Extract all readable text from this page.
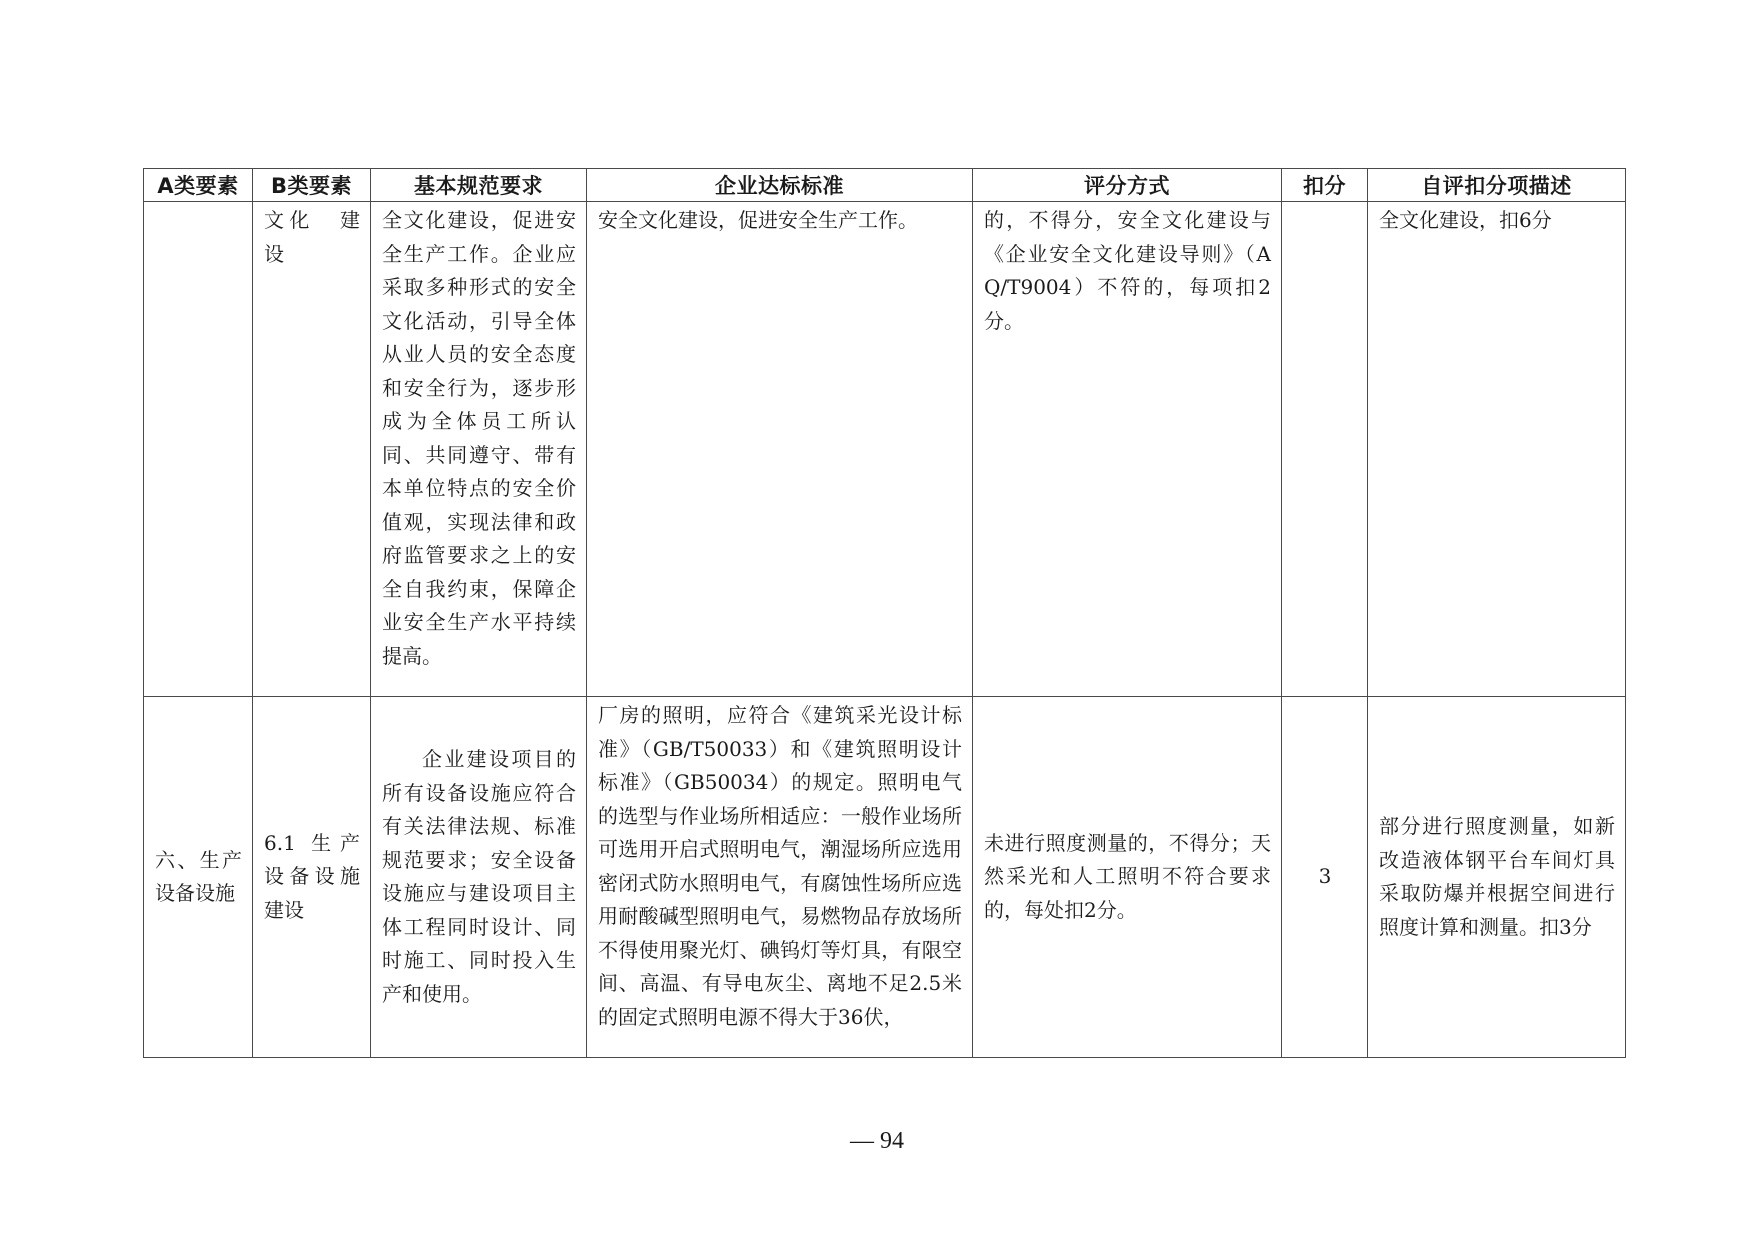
A类要素	B类要素	基本规范要求	企业达标标准	评分方式	扣分	自评扣分项描述
	文化　建设	全文化建设，促进安全生产工作。企业应采取多种形式的安全文化活动，引导全体从业人员的安全态度和安全行为，逐步形成为全体员工所认同、共同遵守、带有本单位特点的安全价值观，实现法律和政府监管要求之上的安全自我约束，保障企业安全生产水平持续提高。	安全文化建设，促进安全生产工作。	的，不得分，安全文化建设与《企业安全文化建设导则》（AQ/T9004）不符的，每项扣2分。		全文化建设，扣6分
六、生产设备设施	6.1 生产设备设施建设	企业建设项目的所有设备设施应符合有关法律法规、标准规范要求；安全设备设施应与建设项目主体工程同时设计、同时施工、同时投入生产和使用。	厂房的照明，应符合《建筑采光设计标准》（GB/T50033）和《建筑照明设计标准》（GB50034）的规定。照明电气的选型与作业场所相适应：一般作业场所可选用开启式照明电气，潮湿场所应选用密闭式防水照明电气，有腐蚀性场所应选用耐酸碱型照明电气，易燃物品存放场所不得使用聚光灯、碘钨灯等灯具，有限空间、高温、有导电灰尘、离地不足2.5米的固定式照明电源不得大于36伏，	未进行照度测量的，不得分；天然采光和人工照明不符合要求的，每处扣2分。	3	部分进行照度测量，如新改造液体钢平台车间灯具采取防爆并根据空间进行照度计算和测量。扣3分
— 94
